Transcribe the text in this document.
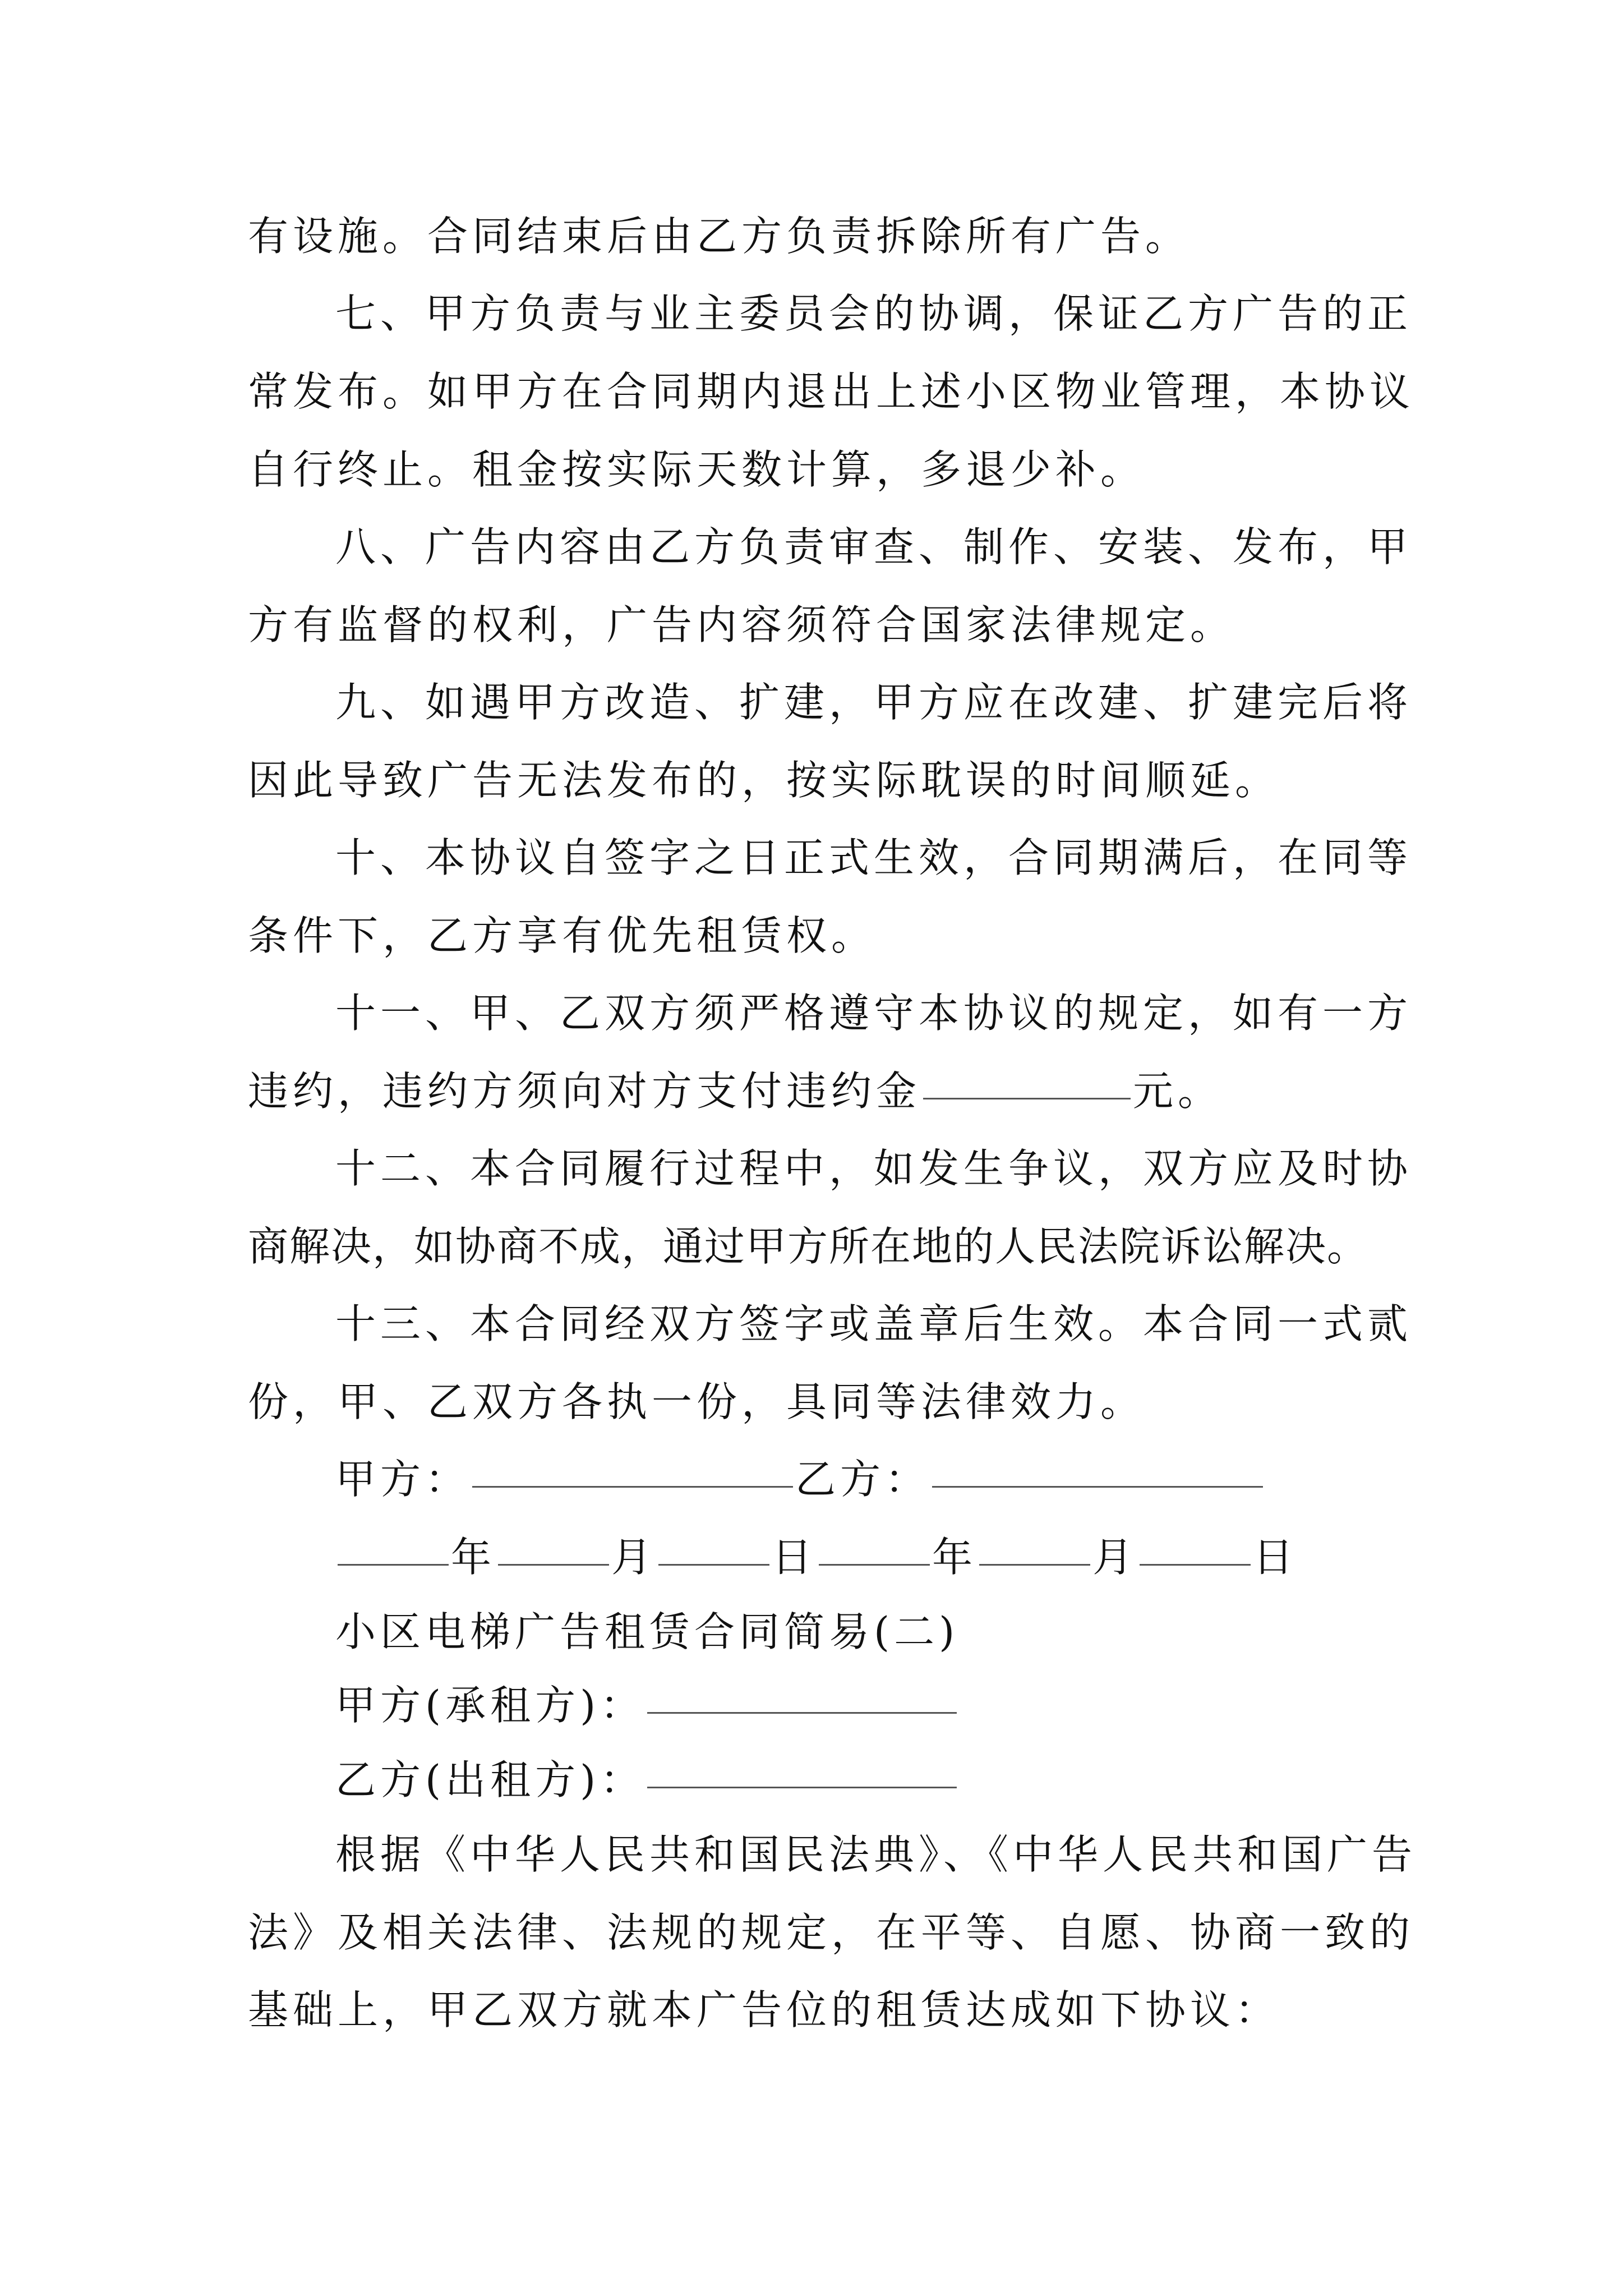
有设施。合同结束后由乙方负责拆除所有广告。
七、甲方负责与业主委员会的协调，保证乙方广告的正
常发布。如甲方在合同期内退出上述小区物业管理，本协议
自行终止。租金按实际天数计算，多退少补。
八、广告内容由乙方负责审查、制作、安装、发布，甲
方有监督的权利，广告内容须符合国家法律规定。
九、如遇甲方改造、扩建，甲方应在改建、扩建完后将
因此导致广告无法发布的，按实际耽误的时间顺延。
十、本协议自签字之日正式生效，合同期满后，在同等
条件下，乙方享有优先租赁权。
十一、甲、乙双方须严格遵守本协议的规定，如有一方
违约，违约方须向对方支付违约金	元。
十二、本合同履行过程中，如发生争议，双方应及时协
商解决，如协商不成，通过甲方所在地的人民法院诉讼解决。
十三、本合同经双方签字或盖章后生效。本合同一式贰
份，甲、乙双方各执一份，具同等法律效力。
甲方：	乙方：
年	月	日	年	月	日
小区电梯广告租赁合同简易(二)
甲方(承租方)：
乙方(出租方)：
根据《中华人民共和国民法典》、《中华人民共和国广告
法》及相关法律、法规的规定，在平等、自愿、协商一致的
基础上，甲乙双方就本广告位的租赁达成如下协议：
